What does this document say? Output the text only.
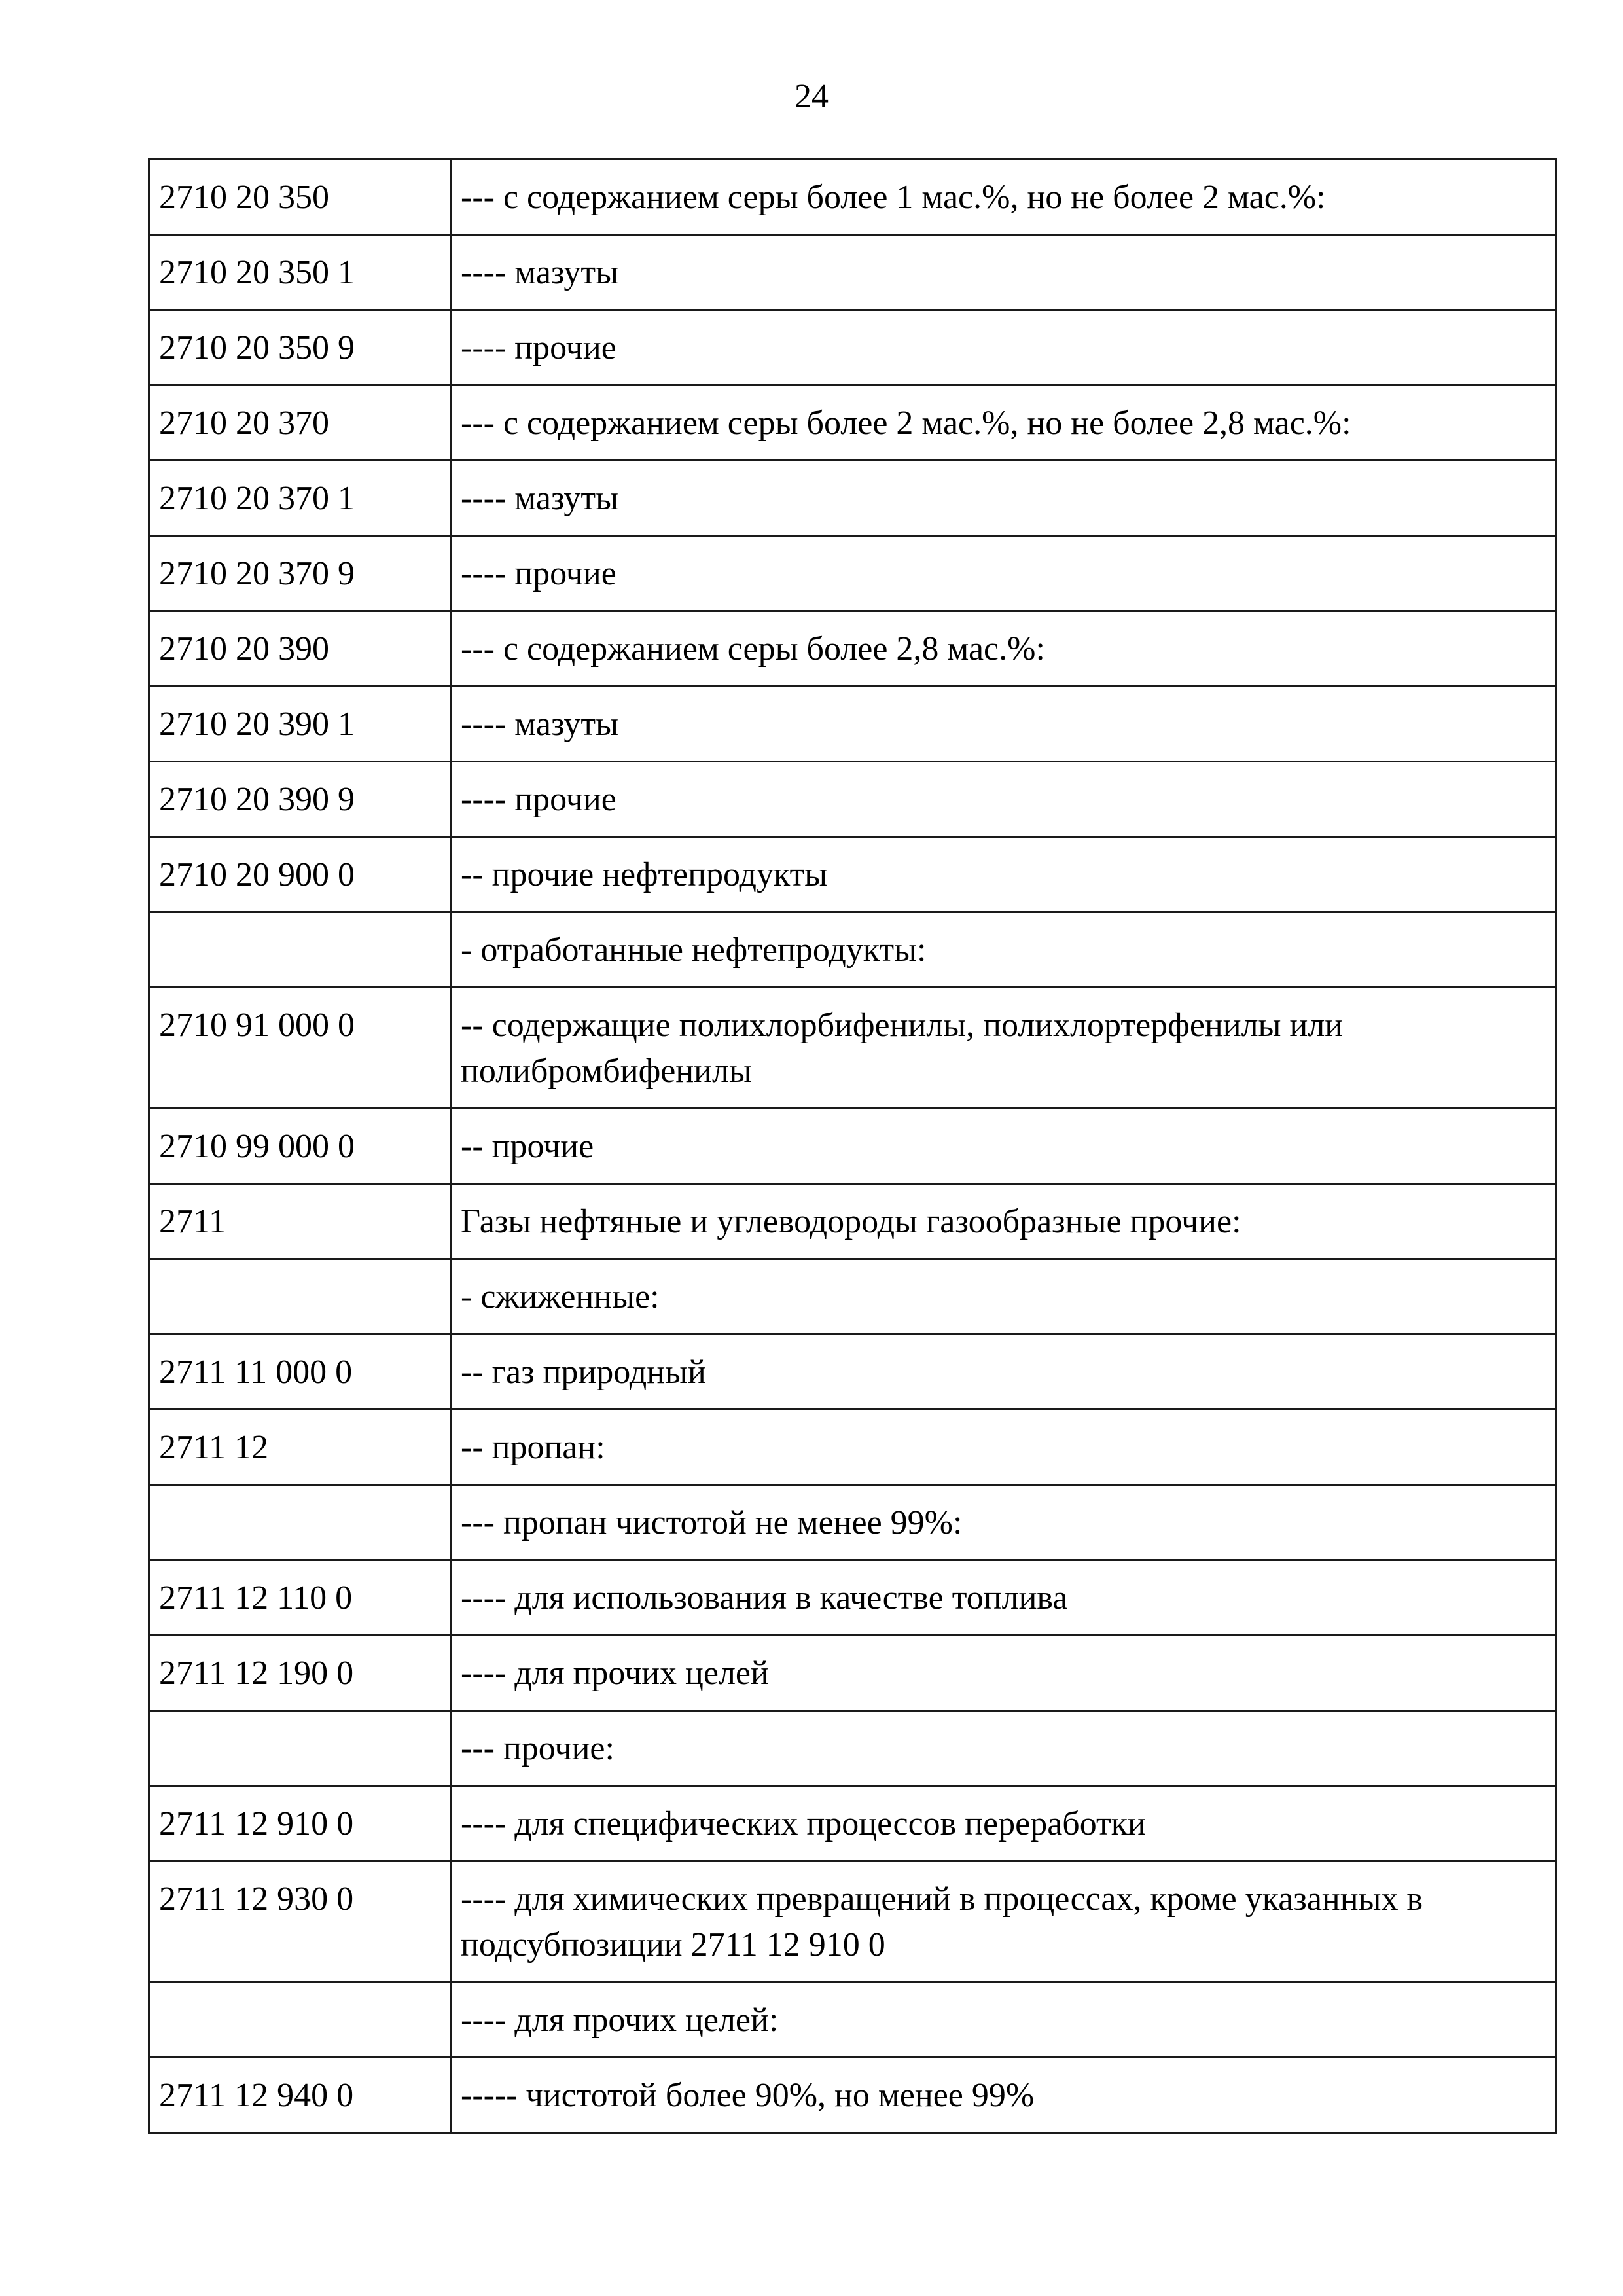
24
2710 20 350	--- с содержанием серы более 1 мас.%, но не более 2 мас.%:
2710 20 350 1	---- мазуты
2710 20 350 9	---- прочие
2710 20 370	--- с содержанием серы более 2 мас.%, но не более 2,8 мас.%:
2710 20 370 1	---- мазуты
2710 20 370 9	---- прочие
2710 20 390	--- с содержанием серы более 2,8 мас.%:
2710 20 390 1	---- мазуты
2710 20 390 9	---- прочие
2710 20 900 0	-- прочие нефтепродукты
	- отработанные нефтепродукты:
2710 91 000 0	-- содержащие полихлорбифенилы, полихлортерфенилы или полибромбифенилы
2710 99 000 0	-- прочие
2711	Газы нефтяные и углеводороды газообразные прочие:
	- сжиженные:
2711 11 000 0	-- газ природный
2711 12	-- пропан:
	--- пропан чистотой не менее 99%:
2711 12 110 0	---- для использования в качестве топлива
2711 12 190 0	---- для прочих целей
	--- прочие:
2711 12 910 0	---- для специфических процессов переработки
2711 12 930 0	---- для химических превращений в процессах, кроме указанных в подсубпозиции 2711 12 910 0
	---- для прочих целей:
2711 12 940 0	----- чистотой более 90%, но менее 99%
